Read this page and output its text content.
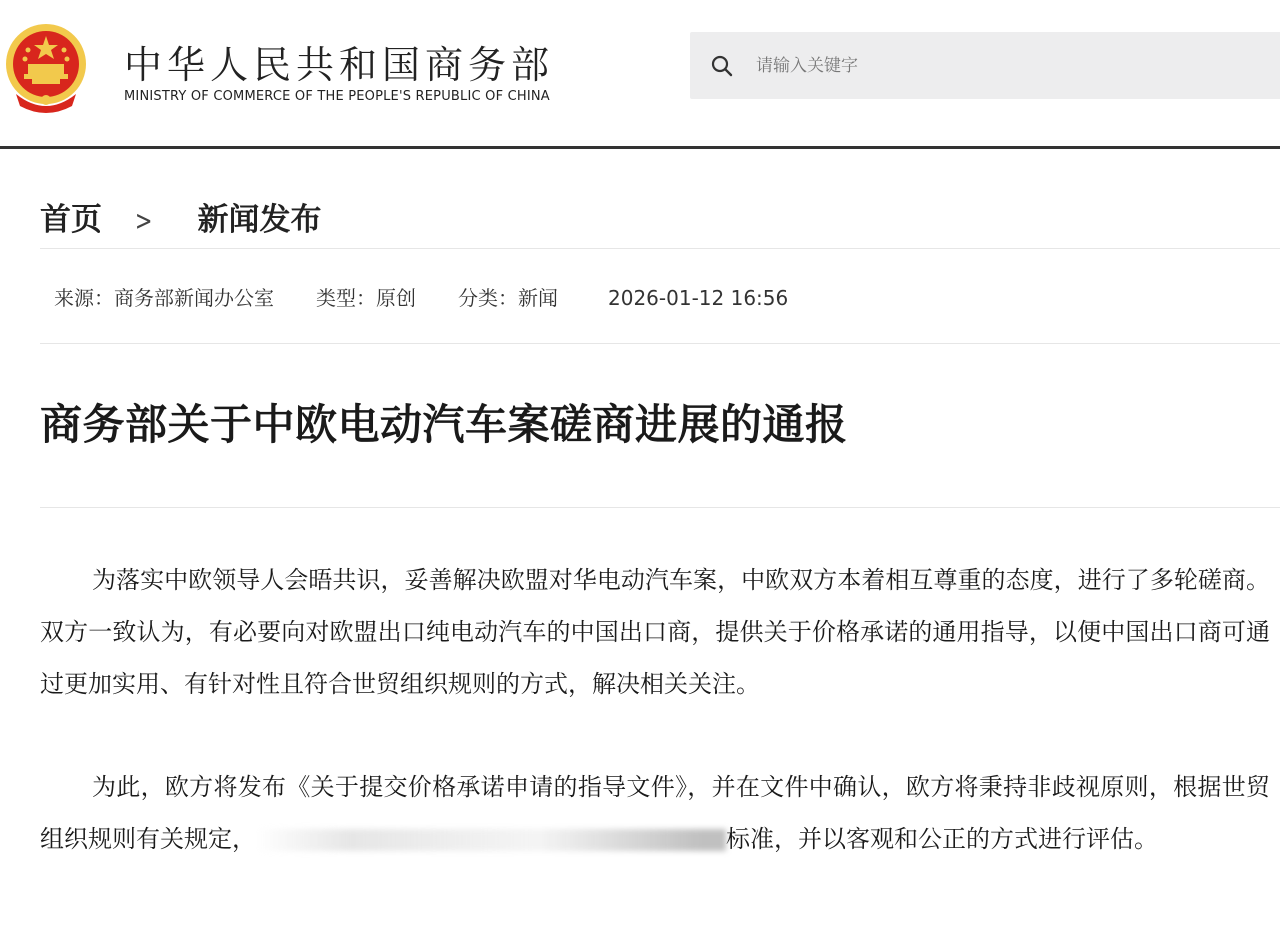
中华人民共和国商务部
MINISTRY OF COMMERCE OF THE PEOPLE'S REPUBLIC OF CHINA
请输入关键字
首页 > 新闻发布
来源：商务部新闻办公室 类型：原创 分类：新闻	2026-01-12 16:56
商务部关于中欧电动汽车案磋商进展的通报
为落实中欧领导人会晤共识，妥善解决欧盟对华电动汽车案，中欧双方本着相互尊重的态度，进行了多轮磋商。双方一致认为，有必要向对欧盟出口纯电动汽车的中国出口商，提供关于价格承诺的通用指导，以便中国出口商可通过更加实用、有针对性且符合世贸组织规则的方式，解决相关关注。
为此，欧方将发布《关于提交价格承诺申请的指导文件》，并在文件中确认，欧方将秉持非歧视原则，根据世贸组织规则有关规定，	标准，并以客观和公正的方式进行评估。
